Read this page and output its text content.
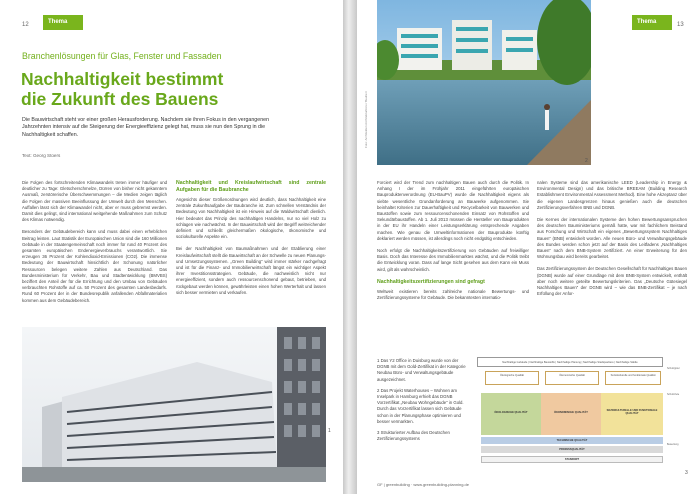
12	Thema
Branchenlösungen für Glas, Fenster und Fassaden
Nachhaltigkeit bestimmt
die Zukunft des Bauens
Die Bauwirtschaft steht vor einer großen Herausforderung. Nachdem sie ihren Fokus in den vergangenen Jahrzehnten intensiv auf die Steigerung der Energieeffizienz gelegt hat, muss sie nun den Sprung in die Nachhaltigkeit schaffen.
Text: Georg Stoers

Die Folgen des fortschreitenden Klimawandels treten immer häufiger und deutlicher zu Tage: Gletscherschmelze, Dürren von bisher nicht gekanntem Ausmaß, zerstörerische Überschwemmungen – die Medien zeigen täglich die Folgen der massiven Beeinflussung der Umwelt durch den Menschen. Auffallen lässt sich der Klimawandel nicht, aber er muss gebremst werden. Damit dies gelingt, sind international weitgehende Maßnahmen zum Schutz des Klimas notwendig.

Besonders der Gebäudebereich kann und muss dabei einen erheblichen Beitrag leisten. Laut Statistik der Europäischen Union sind die 160 Millionen Gebäude in der Staatengemeinschaft noch immer für rund 40 Prozent des gesamten europäischen Endenergieverbrauchs verantwortlich. Sie erzeugen 36 Prozent der Kohlendioxid-Emissionen (CO2). Die immense Bedeutung der Bauwirtschaft hinsichtlich der Schonung natürlicher Ressourcen belegen weitere Zahlen aus Deutschland. Das Bundesministerium für Verkehr, Bau und Stadtentwicklung (BMVBS) beziffert den Anteil der für die Errichtung und den Umbau von Gebäuden verbrauchten Rohstoffe auf ca. 50 Prozent des gesamten Landesbedarfs. Rund 60 Prozent der in der Bundesrepublik anfallenden Abfallmaterialien kommen aus dem Gebäudebereich.

Nachhaltigkeit und Kreislaufwirtschaft sind zentrale Aufgaben für die Baubranche

Angesichts dieser Größenordnungen wird deutlich, dass Nachhaltigkeit eine zentrale Zukunftsaufgabe der Baubranche ist. Zum schnellen Verständnis der Bedeutung von Nachhaltigkeit ist ein Hinweis auf die Waldwirtschaft dienlich. Hier bedeutet das Prinzip des nachhaltigen Handelns, nur so viel Holz zu schlagen wie nachwächst. In der Bauwirtschaft wird der Begriff weitreichender definiert und schließt gleichermaßen ökologische, ökonomische und soziokulturelle Aspekte ein.

Bei der Nachhaltigkeit von Baumaßnahmen und der Etablierung einer Kreislaufwirtschaft stellt die Bauwirtschaft an der Schwelle zu neuen Planungs- und Umsetzungssystemen. „Green Building“ wird immer stärker nachgefragt und ist für die Finanz- und Immobilienwirtschaft längst ein wichtiger Aspekt ihrer Investitionsstrategien. Gebäude, die nachweislich nicht nur energieeffizient, sondern auch ressourcenschonend gebaut, betrieben, und rückgebaut werden können, gewährleisten einen hohen Werterhalt und lassen sich besser vermieten und verkaufen.

1
Thema	13
Foto: Architekten Architekturbüro / Bauherr
2

Forciert wird der Trend zum nachhaltigen Bauen auch durch die Politik. In Anhang I der im Frühjahr 2011 eingeführten europäischen Bauproduktenverordnung (EU-BauPV) wurde die Nachhaltigkeit eigens als siebte wesentliche Grundanforderung an Bauwerke aufgenommen. Sie beinhaltet Kriterien zur Dauerhaftigkeit und Recycelbarkeit von Bauwerken und Baustoffen sowie zum ressourcenschonenden Einsatz von Rohstoffen und Sekundärbaustoffen. Ab 1. Juli 2013 müssen die Hersteller von Bauprodukten in der EU ihr Handeln einer Leistungserklärung entsprechende Angaben machen. Wie genau die Umweltinformationen der Bauprodukte künftig deklariert werden müssen, ist allerdings noch nicht endgültig entschieden.

Noch erfolgt die Nachhaltigkeitszertifizierung von Gebäuden auf freiwilliger Basis. Doch das Interesse des Immobilienmarktes wächst, und die Politik treibt die Entwicklung voran. Dass auf lange Sicht gesehen aus dem Kann ein Muss wird, gilt als wahrscheinlich.

Nachhaltigkeitszertifizierungen sind gefragt

Weltweit existieren bereits zahlreiche nationale Bewertungs- und Zertifizierungssysteme für Gebäude. Die bekanntesten internatio-

nalen Systeme sind das amerikanische LEED (Leadership in Energy & Environmental Design) und das britische BREEAM (Building Research Establishment Environmental Assessment Method). Eine hohe Akzeptanz über die eigenen Landesgrenzen hinaus genießen auch die deutschen Zertifizierungsverfahren BNB und DGNB.

Die Kernes der internationalen Systeme den hohen Bewertungsanspruchen des deutschen Bauministeriums gemäß hatte, war mit fachlichem Beistand aus Forschung und Wirtschaft ein eigenes „Bewertungssystem Nachhaltiges Bauen“ (BNB) entwickelt worden. Alle neuen Büro- und Verwaltungsgebäude des Bundes werden schon jetzt auf der Basis des Leitfadens „Nachhaltiges Bauen“ nach dem BNB-System zertifiziert. An einer Erweiterung für den Wohnungsbau wird bereits gearbeitet.

Das Zertifizierungssystem der Deutschen Gesellschaft für Nachhaltiges Bauen (DGNB) wurde auf einer Grundlage mit dem BNB-System entwickelt, enthält aber noch weitere geteilte Bewertungskriterien. Das „Deutsche Gütesiegel Nachhaltiges Bauen“ der DGNB wird – wie das BNB-Zertifikat – je nach Erfüllung der Anfor-

1 Das Y2 Office in Duisburg wurde von der DGNB mit dem Gold-Zertifikat in der Kategorie Neubau Büro- und Verwaltungsgebäude ausgezeichnet.
2 Das Projekt Waterhouses – Wohnen am Inselpark in Hamburg erhielt das DGNB Vorzertifikat „Neubau Wohngebäude“ in Gold. Durch das Vorzertifikat lassen sich Gebäude schon in der Planungsphase optimieren und besser vermarkten.
3 Strukturierter Aufbau des Deutschen Zertifizierungssystems
Nachhaltige Gebäude | Nachhaltige Baustoffe | Nachhaltige Planung | Nachhaltige Stadtquartiere | Nachhaltige Städte
Ökologische Qualität	Ökonomische Qualität	Soziokulturelle und funktionale Qualität
ÖKOLOGISCHE QUALITÄT	ÖKONOMISCHE QUALITÄT
SOZIOKULTURELLE UND FUNKTIONALE QUALITÄT
TECHNISCHE QUALITÄT
PROZESSQUALITÄT
STANDORT
Schutzgüter
Schutzziele
Bewertung
3
GF | greenbuilding · www.greenbuilding-planning.de
